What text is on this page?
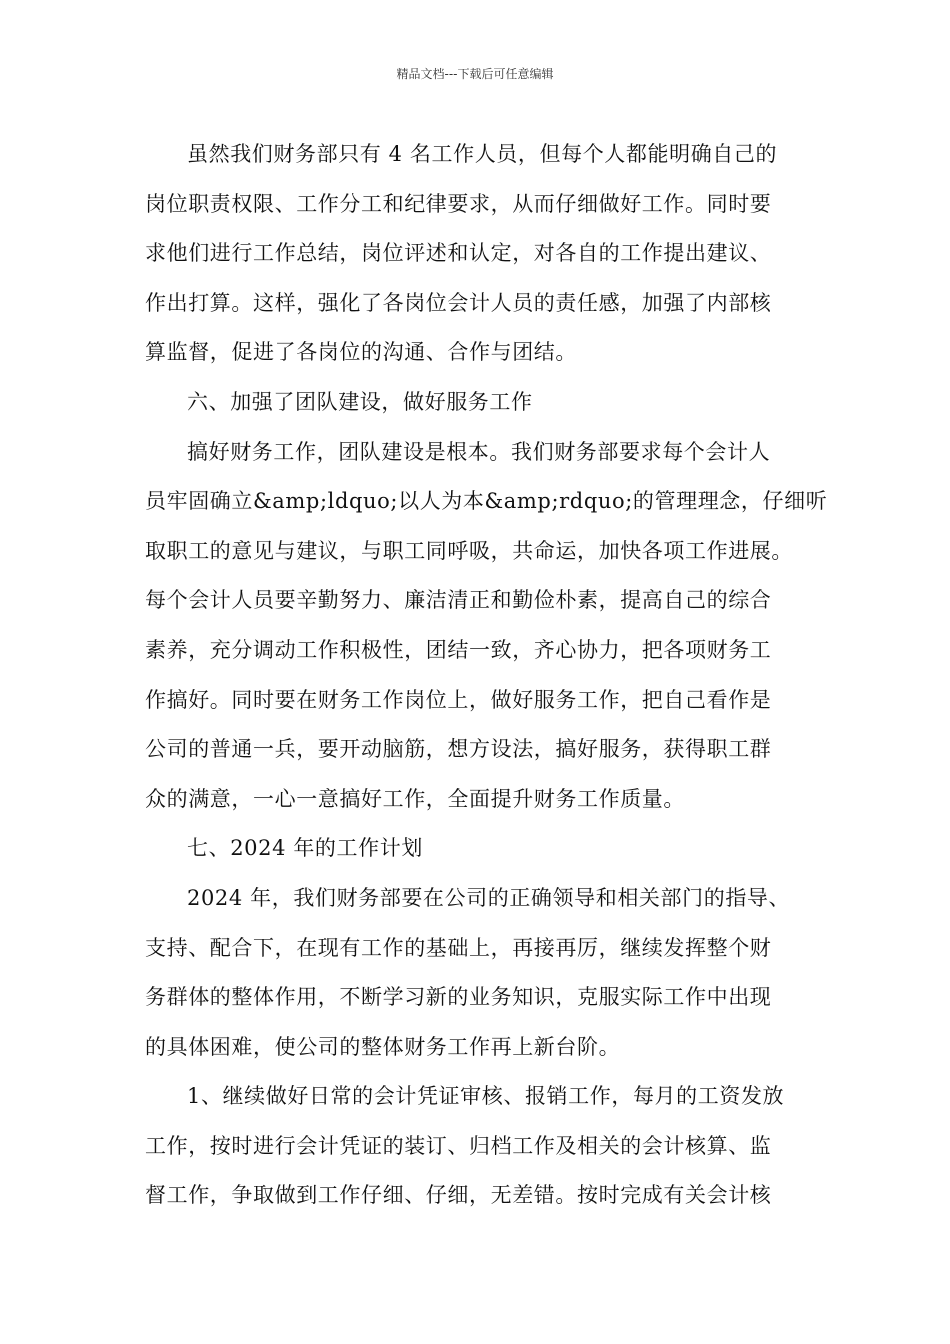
精品文档---下载后可任意编辑
虽然我们财务部只有 4 名工作人员，但每个人都能明确自己的
岗位职责权限、工作分工和纪律要求，从而仔细做好工作。同时要
求他们进行工作总结，岗位评述和认定，对各自的工作提出建议、
作出打算。这样，强化了各岗位会计人员的责任感，加强了内部核
算监督，促进了各岗位的沟通、合作与团结。
六、加强了团队建设，做好服务工作
搞好财务工作，团队建设是根本。我们财务部要求每个会计人
员牢固确立&amp;ldquo;以人为本&amp;rdquo;的管理理念，仔细听
取职工的意见与建议，与职工同呼吸，共命运，加快各项工作进展。
每个会计人员要辛勤努力、廉洁清正和勤俭朴素，提高自己的综合
素养，充分调动工作积极性，团结一致，齐心协力，把各项财务工
作搞好。同时要在财务工作岗位上，做好服务工作，把自己看作是
公司的普通一兵，要开动脑筋，想方设法，搞好服务，获得职工群
众的满意，一心一意搞好工作，全面提升财务工作质量。
七、2024 年的工作计划
2024 年，我们财务部要在公司的正确领导和相关部门的指导、
支持、配合下，在现有工作的基础上，再接再厉，继续发挥整个财
务群体的整体作用，不断学习新的业务知识，克服实际工作中出现
的具体困难，使公司的整体财务工作再上新台阶。
1、继续做好日常的会计凭证审核、报销工作，每月的工资发放
工作，按时进行会计凭证的装订、归档工作及相关的会计核算、监
督工作，争取做到工作仔细、仔细，无差错。按时完成有关会计核
